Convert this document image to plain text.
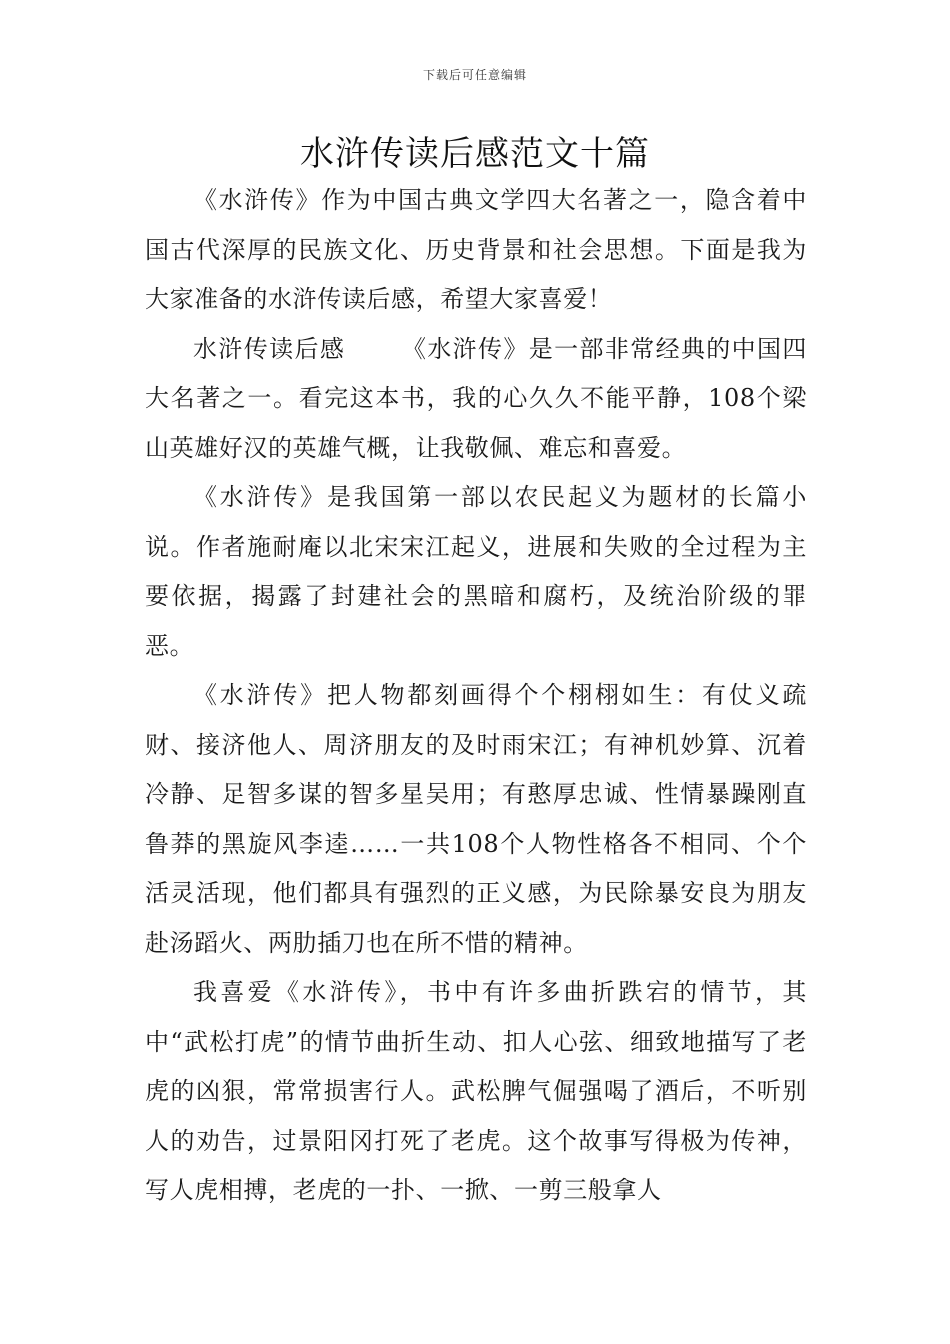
下载后可任意编辑
水浒传读后感范文十篇

《水浒传》作为中国古典文学四大名著之一，隐含着中国古代深厚的民族文化、历史背景和社会思想。下面是我为大家准备的水浒传读后感，希望大家喜爱！

水浒传读后感 《水浒传》是一部非常经典的中国四大名著之一。看完这本书，我的心久久不能平静，108个梁山英雄好汉的英雄气概，让我敬佩、难忘和喜爱。

《水浒传》是我国第一部以农民起义为题材的长篇小说。作者施耐庵以北宋宋江起义，进展和失败的全过程为主要依据，揭露了封建社会的黑暗和腐朽，及统治阶级的罪恶。

《水浒传》把人物都刻画得个个栩栩如生：有仗义疏财、接济他人、周济朋友的及时雨宋江；有神机妙算、沉着冷静、足智多谋的智多星吴用；有憨厚忠诚、性情暴躁刚直鲁莽的黑旋风李逵……一共108个人物性格各不相同、个个活灵活现，他们都具有强烈的正义感，为民除暴安良为朋友赴汤蹈火、两肋插刀也在所不惜的精神。

我喜爱《水浒传》，书中有许多曲折跌宕的情节，其中“武松打虎”的情节曲折生动、扣人心弦、细致地描写了老虎的凶狠，常常损害行人。武松脾气倔强喝了酒后，不听别人的劝告，过景阳冈打死了老虎。这个故事写得极为传神，写人虎相搏，老虎的一扑、一掀、一剪三般拿人
